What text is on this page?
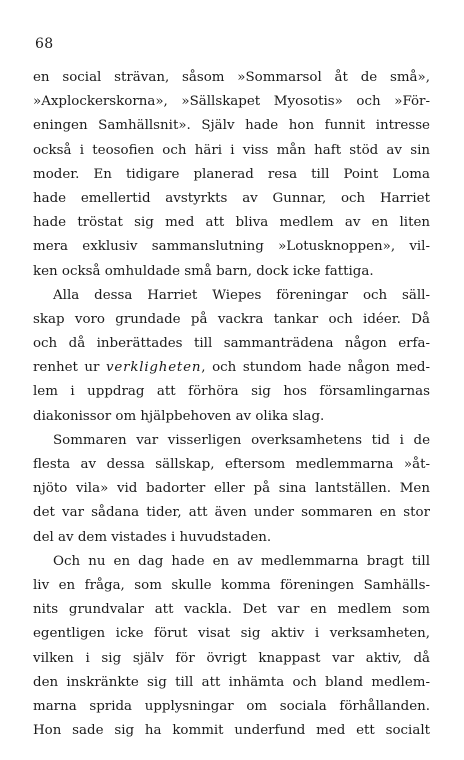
68
en social strävan, såsom »Sommarsol åt de små»,
»Axplockerskorna», »Sällskapet Myosotis» och »För-
eningen Samhällsnit». Själv hade hon funnit intresse
också i teosofien och häri i viss mån haft stöd av sin
moder. En tidigare planerad resa till Point Loma
hade emellertid avstyrkts av Gunnar, och Harriet
hade tröstat sig med att bliva medlem av en liten
mera exklusiv sammanslutning »Lotusknoppen», vil-
ken också omhuldade små barn, dock icke fattiga.
Alla dessa Harriet Wiepes föreningar och säll-
skap voro grundade på vackra tankar och idéer. Då
och då inberättades till sammanträdena någon erfa-
renhet ur verkligheten, och stundom hade någon med-
lem i uppdrag att förhöra sig hos församlingarnas
diakonissor om hjälpbehoven av olika slag.
Sommaren var visserligen overksamhetens tid i de
flesta av dessa sällskap, eftersom medlemmarna »åt-
njöto vila» vid badorter eller på sina lantställen. Men
det var sådana tider, att även under sommaren en stor
del av dem vistades i huvudstaden.
Och nu en dag hade en av medlemmarna bragt till
liv en fråga, som skulle komma föreningen Samhälls-
nits grundvalar att vackla. Det var en medlem som
egentligen icke förut visat sig aktiv i verksamheten,
vilken i sig själv för övrigt knappast var aktiv, då
den inskränkte sig till att inhämta och bland medlem-
marna sprida upplysningar om sociala förhållanden.
Hon sade sig ha kommit underfund med ett socialt
